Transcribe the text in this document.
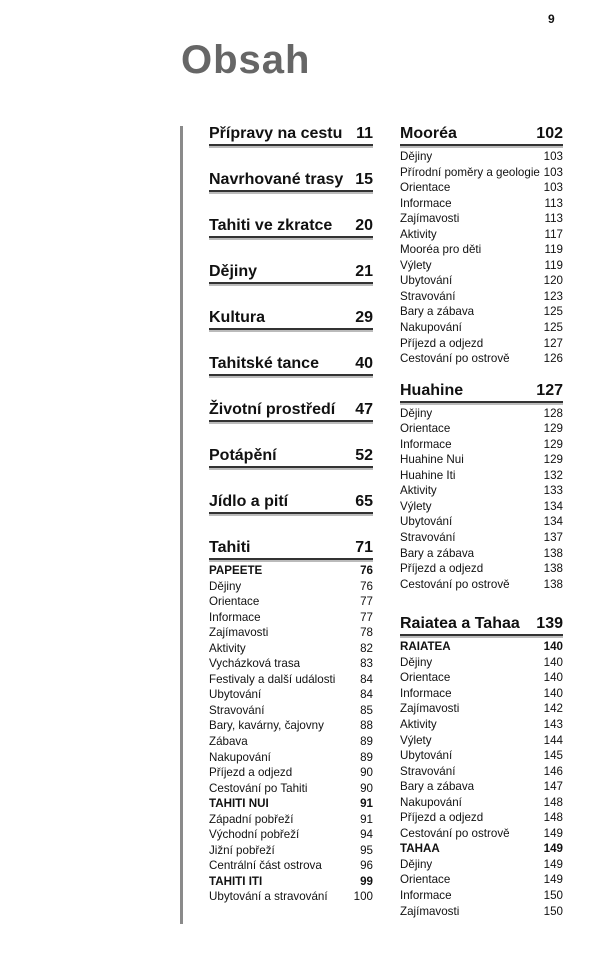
9
Obsah
Přípravy na cestu 11
Navrhované trasy 15
Tahiti ve zkratce 20
Dějiny	21
Kultura	29
Tahitské tance 40
Životní prostředí 47
Potápění	52
Jídlo a pití	65
Tahiti	71
PAPEETE	76
Dějiny	76
Orientace	77
Informace	77
Zajímavosti	78
Aktivity	82
Vycházková trasa	83
Festivaly a další události 84
Ubytování	84
Stravování	85
Bary, kavárny, čajovny	88
Zábava	89
Nakupování	89
Příjezd a odjezd	90
Cestování po Tahiti	90
TAHITI NUI	91
Západní pobřeží	91
Východní pobřeží	94
Jižní pobřeží	95
Centrální část ostrova	96
TAHITI ITI	99
Ubytování a stravování 100
Mooréa	102
Dějiny	103
Přírodní poměry a geologie 103
Orientace	103
Informace	113
Zajímavosti	113
Aktivity	117
Mooréa pro děti	119
Výlety	119
Ubytování	120
Stravování	123
Bary a zábava	125
Nakupování	125
Příjezd a odjezd	127
Cestování po ostrově	126
Huahine	127
Dějiny	128
Orientace	129
Informace	129
Huahine Nui	129
Huahine Iti	132
Aktivity	133
Výlety	134
Ubytování	134
Stravování	137
Bary a zábava	138
Příjezd a odjezd	138
Cestování po ostrově	138
Raiatea a Tahaa 139
RAIATEA	140
Dějiny	140
Orientace	140
Informace	140
Zajímavosti	142
Aktivity	143
Výlety	144
Ubytování	145
Stravování	146
Bary a zábava	147
Nakupování	148
Příjezd a odjezd	148
Cestování po ostrově	149
TAHAA	149
Dějiny	149
Orientace	149
Informace	150
Zajímavosti	150
